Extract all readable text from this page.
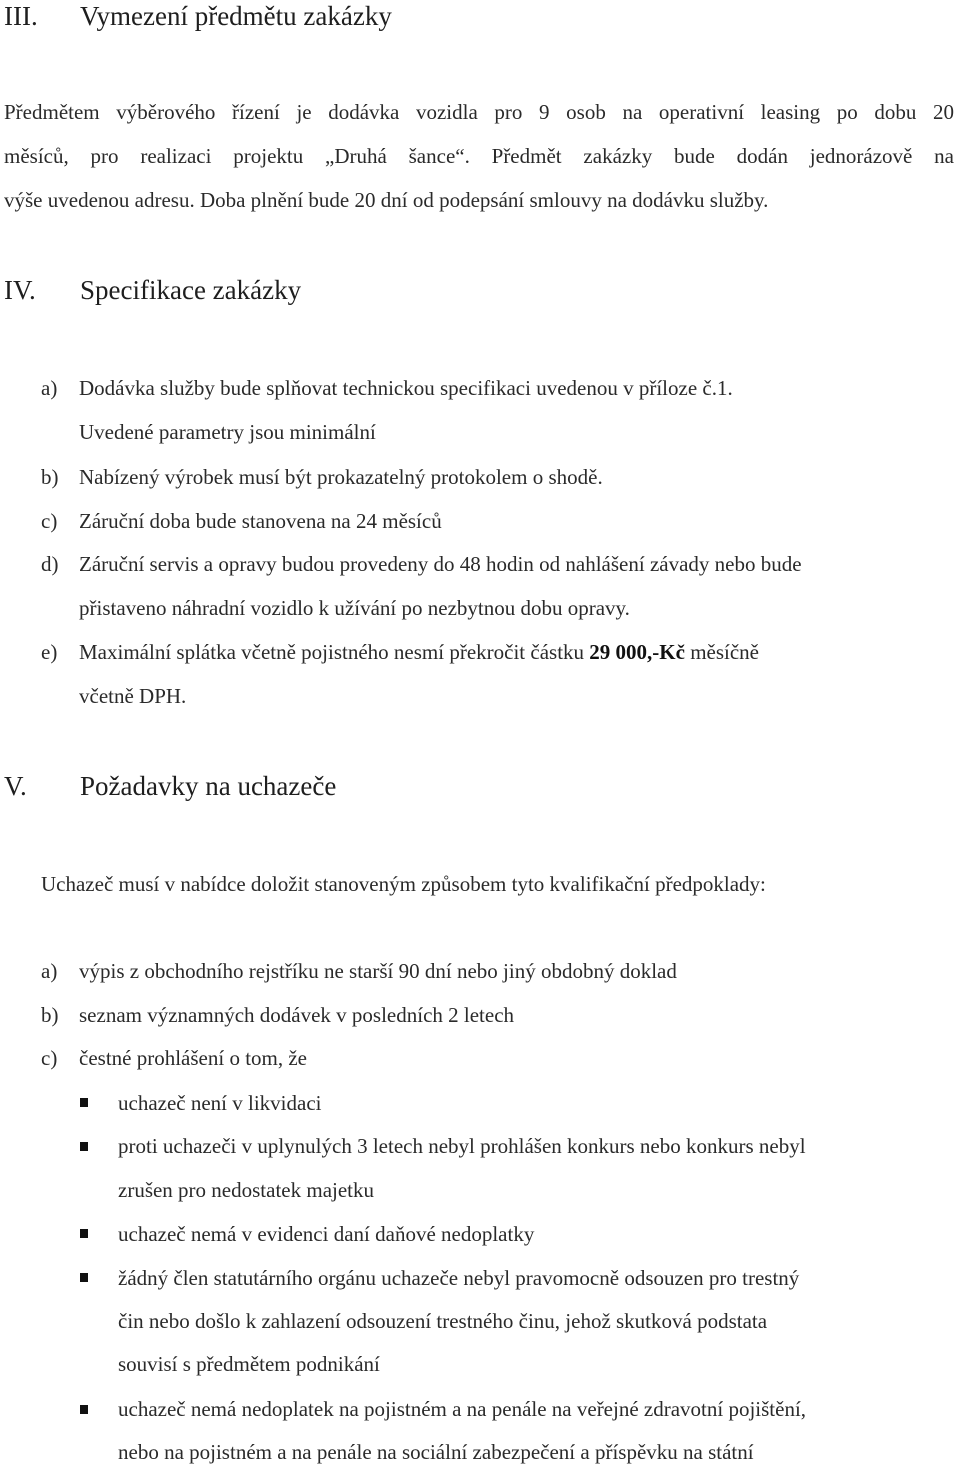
III. Vymezení předmětu zakázky
Předmětem výběrového řízení je dodávka vozidla pro 9 osob na operativní leasing po dobu 20
měsíců, pro realizaci projektu „Druhá šance“. Předmět zakázky bude dodán jednorázově na
výše uvedenou adresu. Doba plnění bude 20 dní od podepsání smlouvy na dodávku služby.
IV. Specifikace zakázky
a) Dodávka služby bude splňovat technickou specifikaci uvedenou v příloze č.1.
Uvedené parametry jsou minimální
b) Nabízený výrobek musí být prokazatelný protokolem o shodě.
c) Záruční doba bude stanovena na 24 měsíců
d) Záruční servis a opravy budou provedeny do 48 hodin od nahlášení závady nebo bude
přistaveno náhradní vozidlo k užívání po nezbytnou dobu opravy.
e) Maximální splátka včetně pojistného nesmí překročit částku 29 000,-Kč měsíčně
včetně DPH.
V. Požadavky na uchazeče
Uchazeč musí v nabídce doložit stanoveným způsobem tyto kvalifikační předpoklady:
a) výpis z obchodního rejstříku ne starší 90 dní nebo jiný obdobný doklad
b) seznam významných dodávek v posledních 2 letech
c) čestné prohlášení o tom, že
uchazeč není v likvidaci
proti uchazeči v uplynulých 3 letech nebyl prohlášen konkurs nebo konkurs nebyl
zrušen pro nedostatek majetku
uchazeč nemá v evidenci daní daňové nedoplatky
žádný člen statutárního orgánu uchazeče nebyl pravomocně odsouzen pro trestný
čin nebo došlo k zahlazení odsouzení trestného činu, jehož skutková podstata
souvisí s předmětem podnikání
uchazeč nemá nedoplatek na pojistném a na penále na veřejné zdravotní pojištění,
nebo na pojistném a na penále na sociální zabezpečení a příspěvku na státní
